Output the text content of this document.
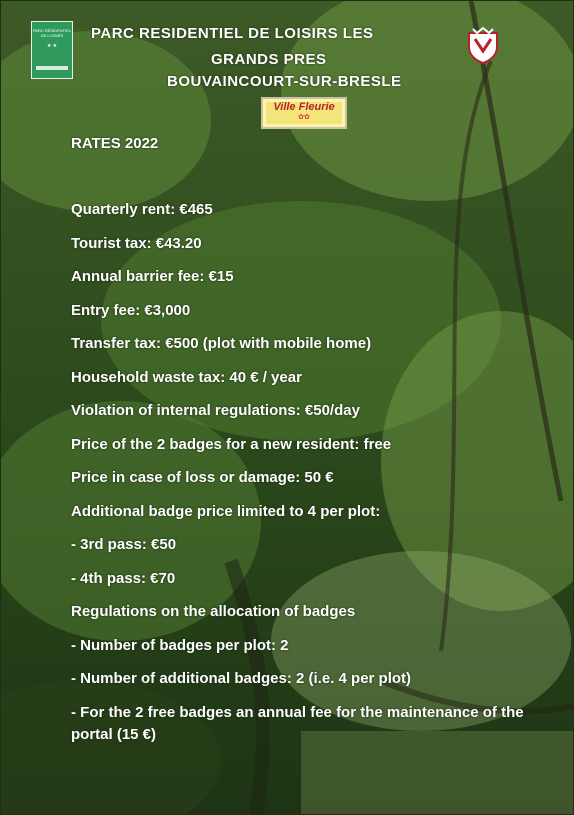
PARC RÉSIDENTIEL DE LOISIRS
★ ★
PARC RESIDENTIEL DE LOISIRS LES
GRANDS PRES
BOUVAINCOURT-SUR-BRESLE
Ville Fleurie
✿✿
RATES 2022
Quarterly rent: €465
Tourist tax: €43.20
Annual barrier fee: €15
Entry fee: €3,000
Transfer tax: €500 (plot with mobile home)
Household waste tax: 40 € / year
Violation of internal regulations: €50/day
Price of the 2 badges for a new resident: free
Price in case of loss or damage: 50 €
Additional badge price limited to 4 per plot:
- 3rd pass: €50
- 4th pass: €70
Regulations on the allocation of badges
- Number of badges per plot: 2
- Number of additional badges: 2 (i.e. 4 per plot)
- For the 2 free badges an annual fee for the maintenance of the portal (15 €)
